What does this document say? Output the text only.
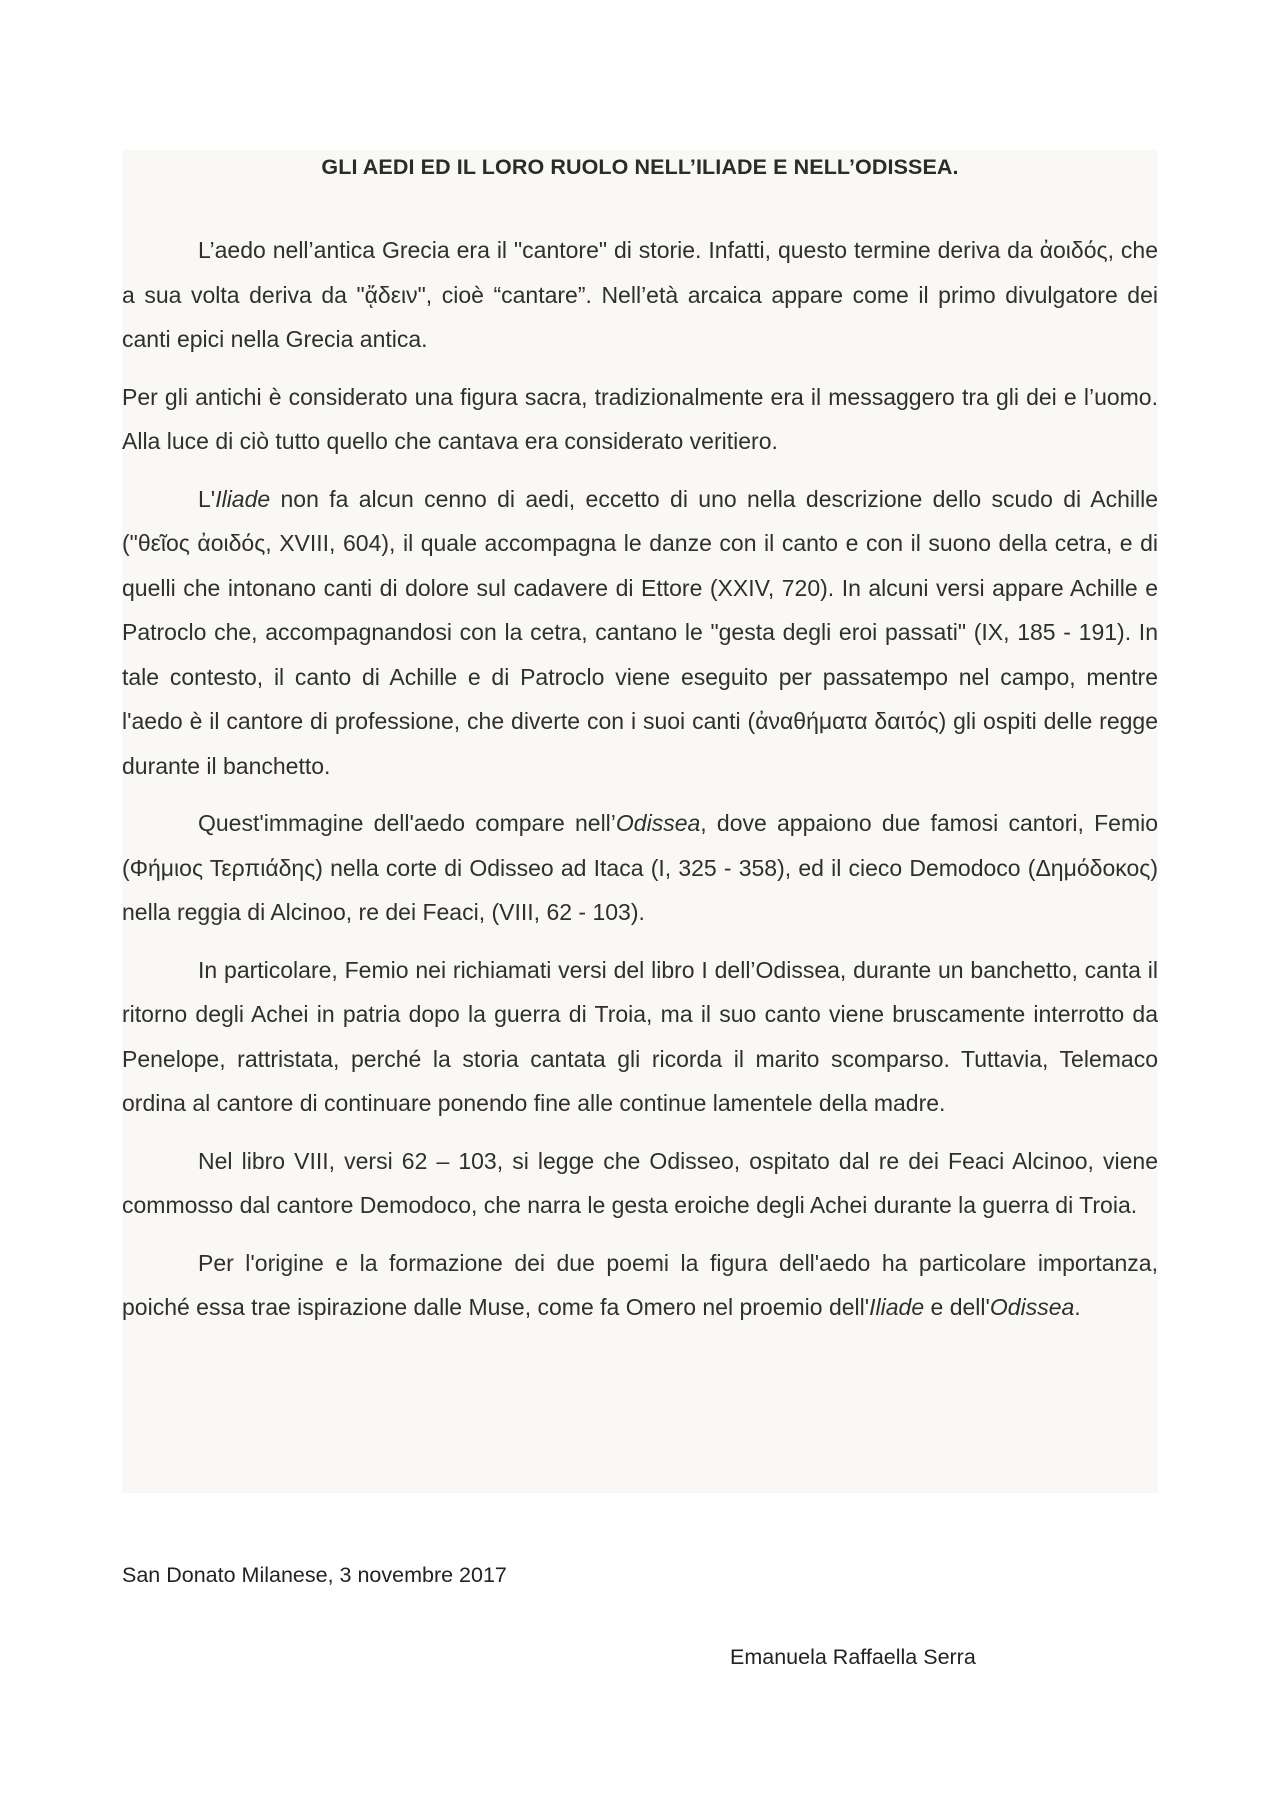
GLI AEDI ED IL LORO RUOLO NELL’ILIADE E NELL’ODISSEA.

L’aedo nell’antica Grecia era il "cantore" di storie. Infatti, questo termine deriva da ἀοιδός, che a sua volta deriva da "ᾄδειν", cioè “cantare”. Nell’età arcaica appare come il primo divulgatore dei canti epici nella Grecia antica.

Per gli antichi è considerato una figura sacra, tradizionalmente era il messaggero tra gli dei e l’uomo. Alla luce di ciò tutto quello che cantava era considerato veritiero.

L'Iliade non fa alcun cenno di aedi, eccetto di uno nella descrizione dello scudo di Achille ("θεῖος ἀοιδός, XVIII, 604), il quale accompagna le danze con il canto e con il suono della cetra, e di quelli che intonano canti di dolore sul cadavere di Ettore (XXIV, 720). In alcuni versi appare Achille e Patroclo che, accompagnandosi con la cetra, cantano le "gesta degli eroi passati" (IX, 185 - 191). In tale contesto, il canto di Achille e di Patroclo viene eseguito per passatempo nel campo, mentre l'aedo è il cantore di professione, che diverte con i suoi canti (ἀναθήματα δαιτός) gli ospiti delle regge durante il banchetto.

Quest'immagine dell'aedo compare nell’Odissea, dove appaiono due famosi cantori, Femio (Φήμιος Τερπιάδης) nella corte di Odisseo ad Itaca (I, 325 - 358), ed il cieco Demodoco (Δημόδοκος) nella reggia di Alcinoo, re dei Feaci, (VIII, 62 - 103).

In particolare, Femio nei richiamati versi del libro I dell’Odissea, durante un banchetto, canta il ritorno degli Achei in patria dopo la guerra di Troia, ma il suo canto viene bruscamente interrotto da Penelope, rattristata, perché la storia cantata gli ricorda il marito scomparso. Tuttavia, Telemaco ordina al cantore di continuare ponendo fine alle continue lamentele della madre.

Nel libro VIII, versi 62 – 103, si legge che Odisseo, ospitato dal re dei Feaci Alcinoo, viene commosso dal cantore Demodoco, che narra le gesta eroiche degli Achei durante la guerra di Troia.

Per l'origine e la formazione dei due poemi la figura dell'aedo ha particolare importanza, poiché essa trae ispirazione dalle Muse, come fa Omero nel proemio dell'Iliade e dell'Odissea.

San Donato Milanese, 3 novembre 2017
Emanuela Raffaella Serra
